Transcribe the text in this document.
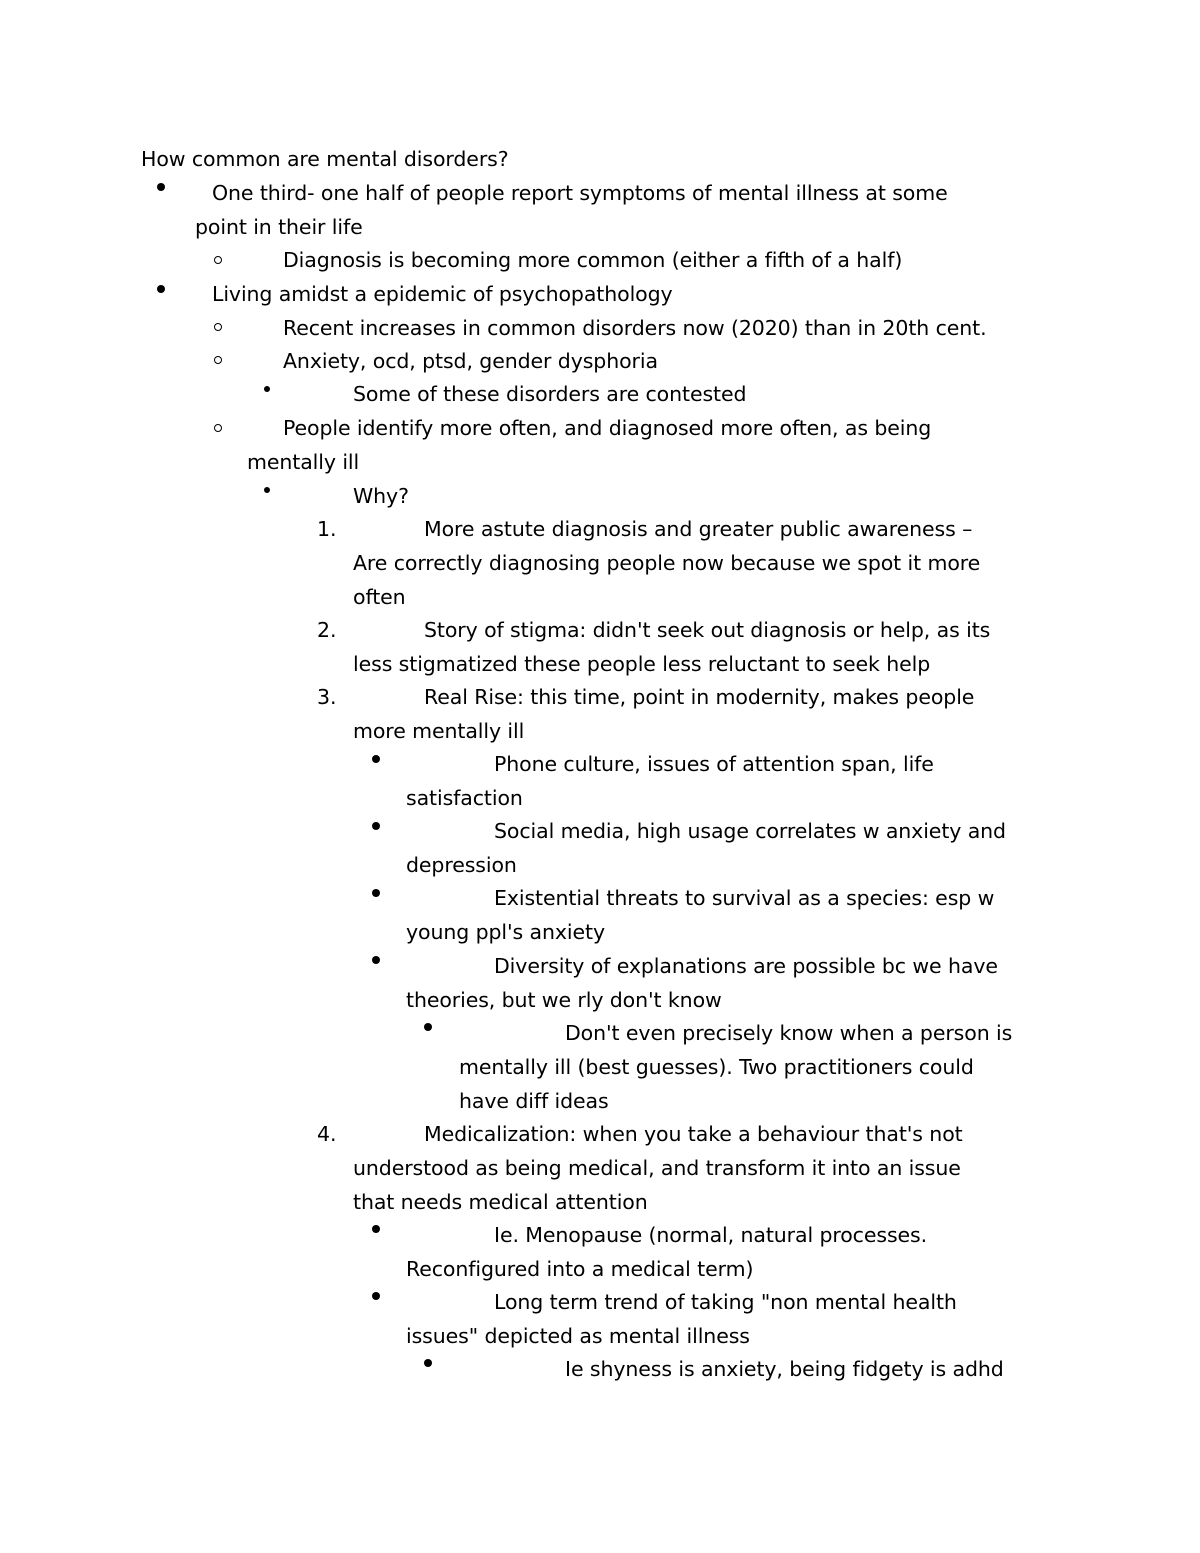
How common are mental disorders?
One third- one half of people report symptoms of mental illness at some
point in their life
Diagnosis is becoming more common (either a fifth of a half)
Living amidst a epidemic of psychopathology
Recent increases in common disorders now (2020) than in 20th cent.
Anxiety, ocd, ptsd, gender dysphoria
Some of these disorders are contested
People identify more often, and diagnosed more often, as being
mentally ill
Why?
1.	More astute diagnosis and greater public awareness –
Are correctly diagnosing people now because we spot it more
often
2.	Story of stigma: didn't seek out diagnosis or help, as its
less stigmatized these people less reluctant to seek help
3.	Real Rise: this time, point in modernity, makes people
more mentally ill
Phone culture, issues of attention span, life
satisfaction
Social media, high usage correlates w anxiety and
depression
Existential threats to survival as a species: esp w
young ppl's anxiety
Diversity of explanations are possible bc we have
theories, but we rly don't know
Don't even precisely know when a person is
mentally ill (best guesses). Two practitioners could
have diff ideas
4.	Medicalization: when you take a behaviour that's not
understood as being medical, and transform it into an issue
that needs medical attention
Ie. Menopause (normal, natural processes.
Reconfigured into a medical term)
Long term trend of taking "non mental health
issues" depicted as mental illness
Ie shyness is anxiety, being fidgety is adhd
